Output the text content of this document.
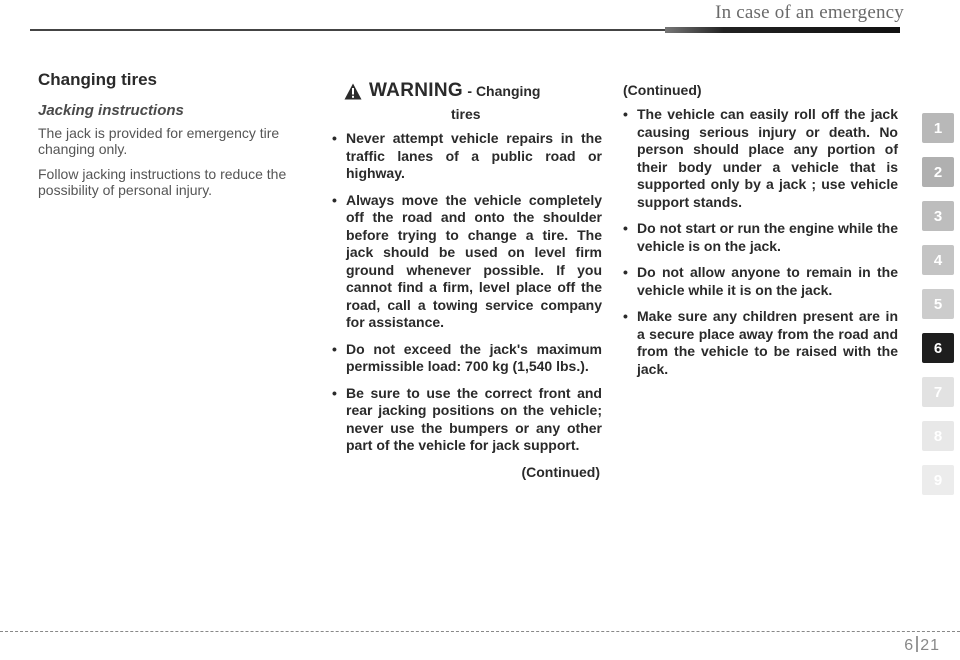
In case of an emergency
Changing tires
Jacking instructions

The jack is provided for emergency tire changing only.

Follow jacking instructions to reduce the possibility of personal injury.

WARNING - Changing
tires
• Never attempt vehicle repairs in the traffic lanes of a public road or highway.
• Always move the vehicle completely off the road and onto the shoulder before trying to change a tire. The jack should be used on level firm ground whenever possible. If you cannot find a firm, level place off the road, call a towing service company for assistance.
• Do not exceed the jack's maximum permissible load: 700 kg (1,540 lbs.).
• Be sure to use the correct front and rear jacking positions on the vehicle; never use the bumpers or any other part of the vehicle for jack support.
(Continued)
(Continued)
• The vehicle can easily roll off the jack causing serious injury or death. No person should place any portion of their body under a vehicle that is supported only by a jack ; use vehicle support stands.
• Do not start or run the engine while the vehicle is on the jack.
• Do not allow anyone to remain in the vehicle while it is on the jack.
• Make sure any children present are in a secure place away from the road and from the vehicle to be raised with the jack.
1
2
3
4
5
6
7
8
9
6 21
